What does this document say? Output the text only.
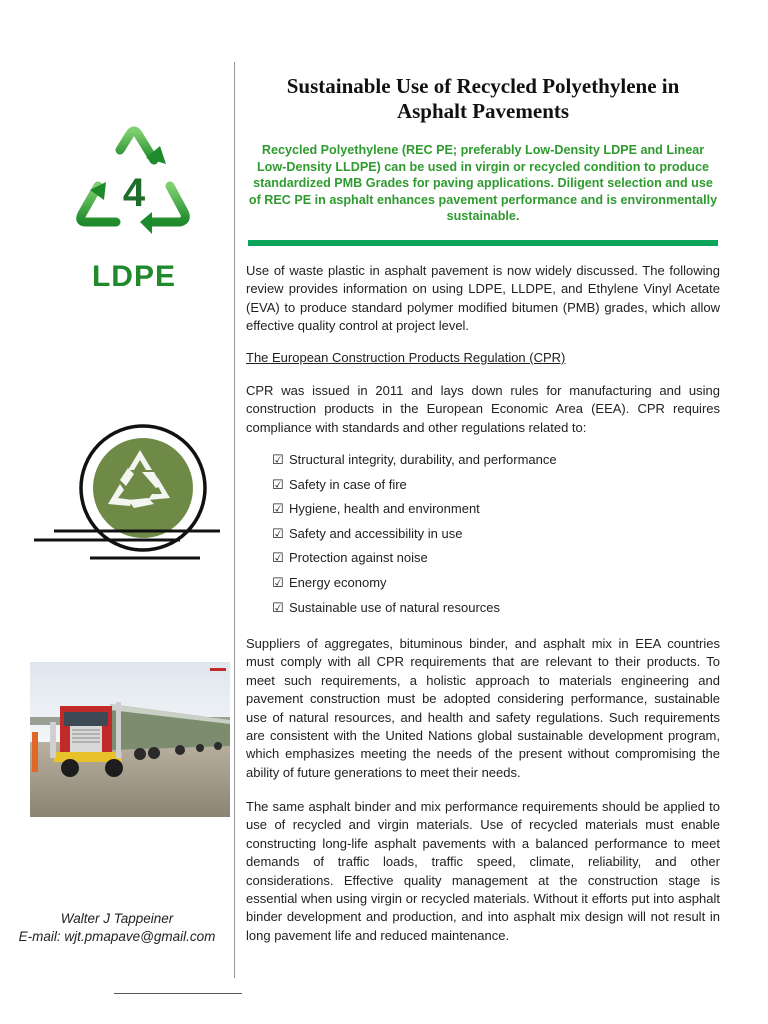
4
LDPE
Walter J Tappeiner
E-mail: wjt.pmapave@gmail.com
Sustainable Use of Recycled Polyethylene in
Asphalt Pavements
Recycled Polyethylene (REC PE; preferably Low-Density LDPE and Linear Low-Density LLDPE) can be used in virgin or recycled condition to produce standardized PMB Grades for paving applications. Diligent selection and use of REC PE in asphalt enhances pavement performance and is environmentally sustainable.
Use of waste plastic in asphalt pavement is now widely discussed. The following review provides information on using LDPE, LLDPE, and Ethylene Vinyl Acetate (EVA) to produce standard polymer modified bitumen (PMB) grades, which allow effective quality control at project level.
The European Construction Products Regulation (CPR)
CPR was issued in 2011 and lays down rules for manufacturing and using construction products in the European Economic Area (EEA). CPR requires compliance with standards and other regulations related to:
☑ Structural integrity, durability, and performance
☑ Safety in case of fire
☑ Hygiene, health and environment
☑ Safety and accessibility in use
☑ Protection against noise
☑ Energy economy
☑ Sustainable use of natural resources
Suppliers of aggregates, bituminous binder, and asphalt mix in EEA countries must comply with all CPR requirements that are relevant to their products. To meet such requirements, a holistic approach to materials engineering and pavement construction must be adopted considering performance, sustainable use of natural resources, and health and safety regulations. Such requirements are consistent with the United Nations global sustainable development program, which emphasizes meeting the needs of the present without compromising the ability of future generations to meet their needs.
The same asphalt binder and mix performance requirements should be applied to use of recycled and virgin materials. Use of recycled materials must enable constructing long-life asphalt pavements with a balanced performance to meet demands of traffic loads, traffic speed, climate, reliability, and other considerations. Effective quality management at the construction stage is essential when using virgin or recycled materials. Without it efforts put into asphalt binder development and production, and into asphalt mix design will not result in long pavement life and reduced maintenance.
